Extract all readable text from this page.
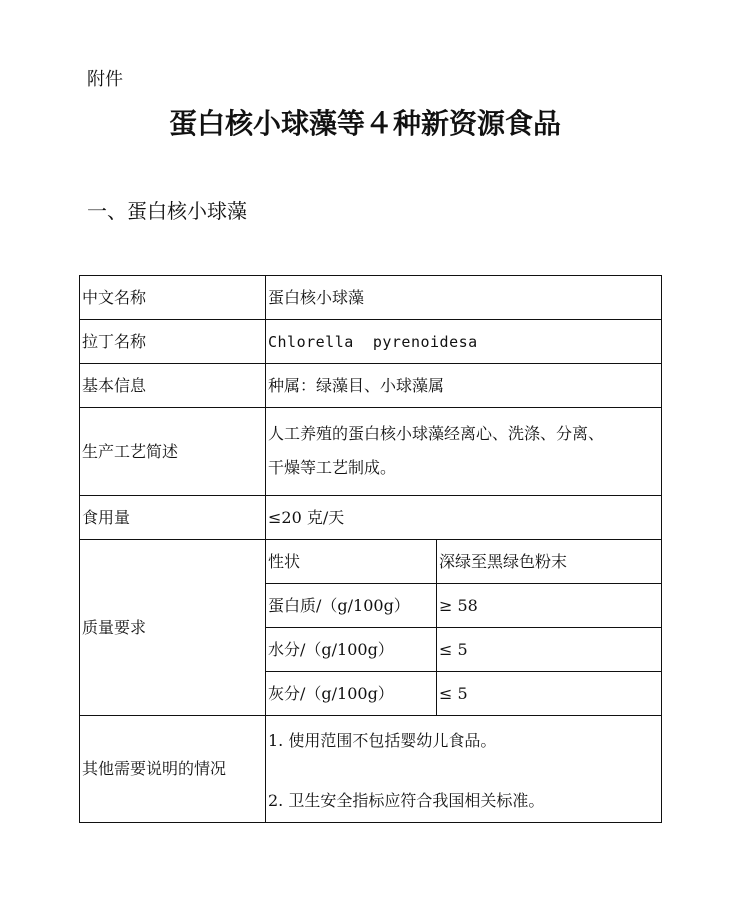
附件
蛋白核小球藻等４种新资源食品
一、蛋白核小球藻
中文名称	蛋白核小球藻	
拉丁名称	Chlorella  pyrenoidesa	
基本信息	种属：绿藻目、小球藻属	
生产工艺简述	人工养殖的蛋白核小球藻经离心、洗涤、分离、
干燥等工艺制成。	

食用量	≤20 克/天	
质量要求	性状	深绿至黑绿色粉末
	蛋白质/（g/100g）	≥ 58
	水分/（g/100g）	≤ 5
	灰分/（g/100g）	≤ 5
其他需要说明的情况	1. 使用范围不包括婴幼儿食品。
2. 卫生安全指标应符合我国相关标准。	
